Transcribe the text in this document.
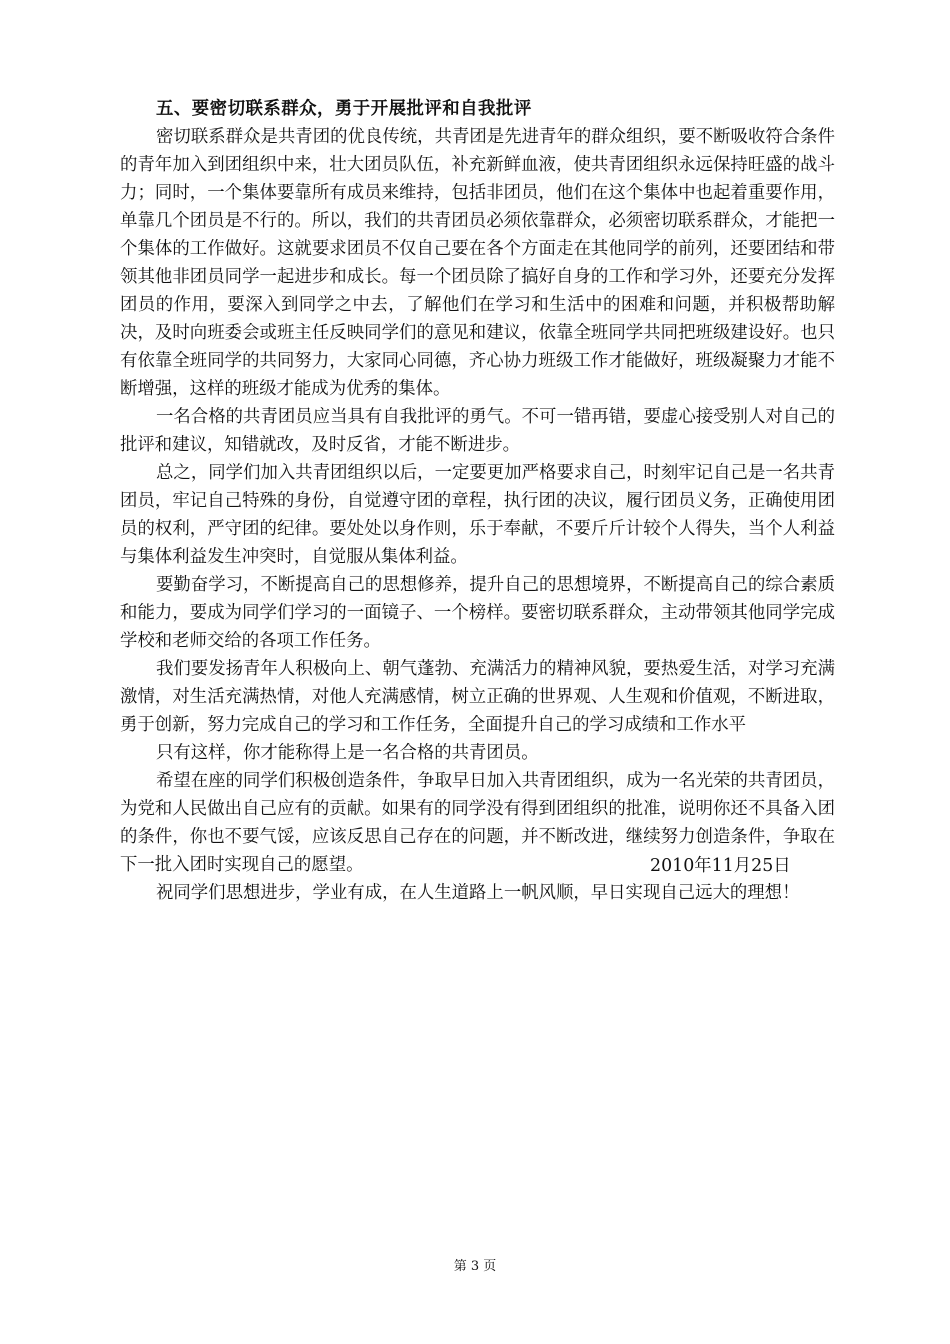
五、要密切联系群众，勇于开展批评和自我批评

密切联系群众是共青团的优良传统，共青团是先进青年的群众组织，要不断吸收符合条件的青年加入到团组织中来，壮大团员队伍，补充新鲜血液，使共青团组织永远保持旺盛的战斗力；同时，一个集体要靠所有成员来维持，包括非团员，他们在这个集体中也起着重要作用，单靠几个团员是不行的。所以，我们的共青团员必须依靠群众，必须密切联系群众，才能把一个集体的工作做好。这就要求团员不仅自己要在各个方面走在其他同学的前列，还要团结和带领其他非团员同学一起进步和成长。每一个团员除了搞好自身的工作和学习外，还要充分发挥团员的作用，要深入到同学之中去，了解他们在学习和生活中的困难和问题，并积极帮助解决，及时向班委会或班主任反映同学们的意见和建议，依靠全班同学共同把班级建设好。也只有依靠全班同学的共同努力，大家同心同德，齐心协力班级工作才能做好，班级凝聚力才能不断增强，这样的班级才能成为优秀的集体。

一名合格的共青团员应当具有自我批评的勇气。不可一错再错，要虚心接受别人对自己的批评和建议，知错就改，及时反省，才能不断进步。

总之，同学们加入共青团组织以后，一定要更加严格要求自己，时刻牢记自己是一名共青团员，牢记自己特殊的身份，自觉遵守团的章程，执行团的决议，履行团员义务，正确使用团员的权利，严守团的纪律。要处处以身作则，乐于奉献，不要斤斤计较个人得失，当个人利益与集体利益发生冲突时，自觉服从集体利益。

要勤奋学习，不断提高自己的思想修养，提升自己的思想境界，不断提高自己的综合素质和能力，要成为同学们学习的一面镜子、一个榜样。要密切联系群众，主动带领其他同学完成学校和老师交给的各项工作任务。

我们要发扬青年人积极向上、朝气蓬勃、充满活力的精神风貌，要热爱生活，对学习充满激情，对生活充满热情，对他人充满感情，树立正确的世界观、人生观和价值观，不断进取，勇于创新，努力完成自己的学习和工作任务，全面提升自己的学习成绩和工作水平

只有这样，你才能称得上是一名合格的共青团员。

希望在座的同学们积极创造条件，争取早日加入共青团组织，成为一名光荣的共青团员，为党和人民做出自己应有的贡献。如果有的同学没有得到团组织的批准，说明你还不具备入团的条件，你也不要气馁，应该反思自己存在的问题，并不断改进，继续努力创造条件，争取在下一批入团时实现自己的愿望。

祝同学们思想进步，学业有成，在人生道路上一帆风顺，早日实现自己远大的理想！

2010年11月25日
第 3 页
